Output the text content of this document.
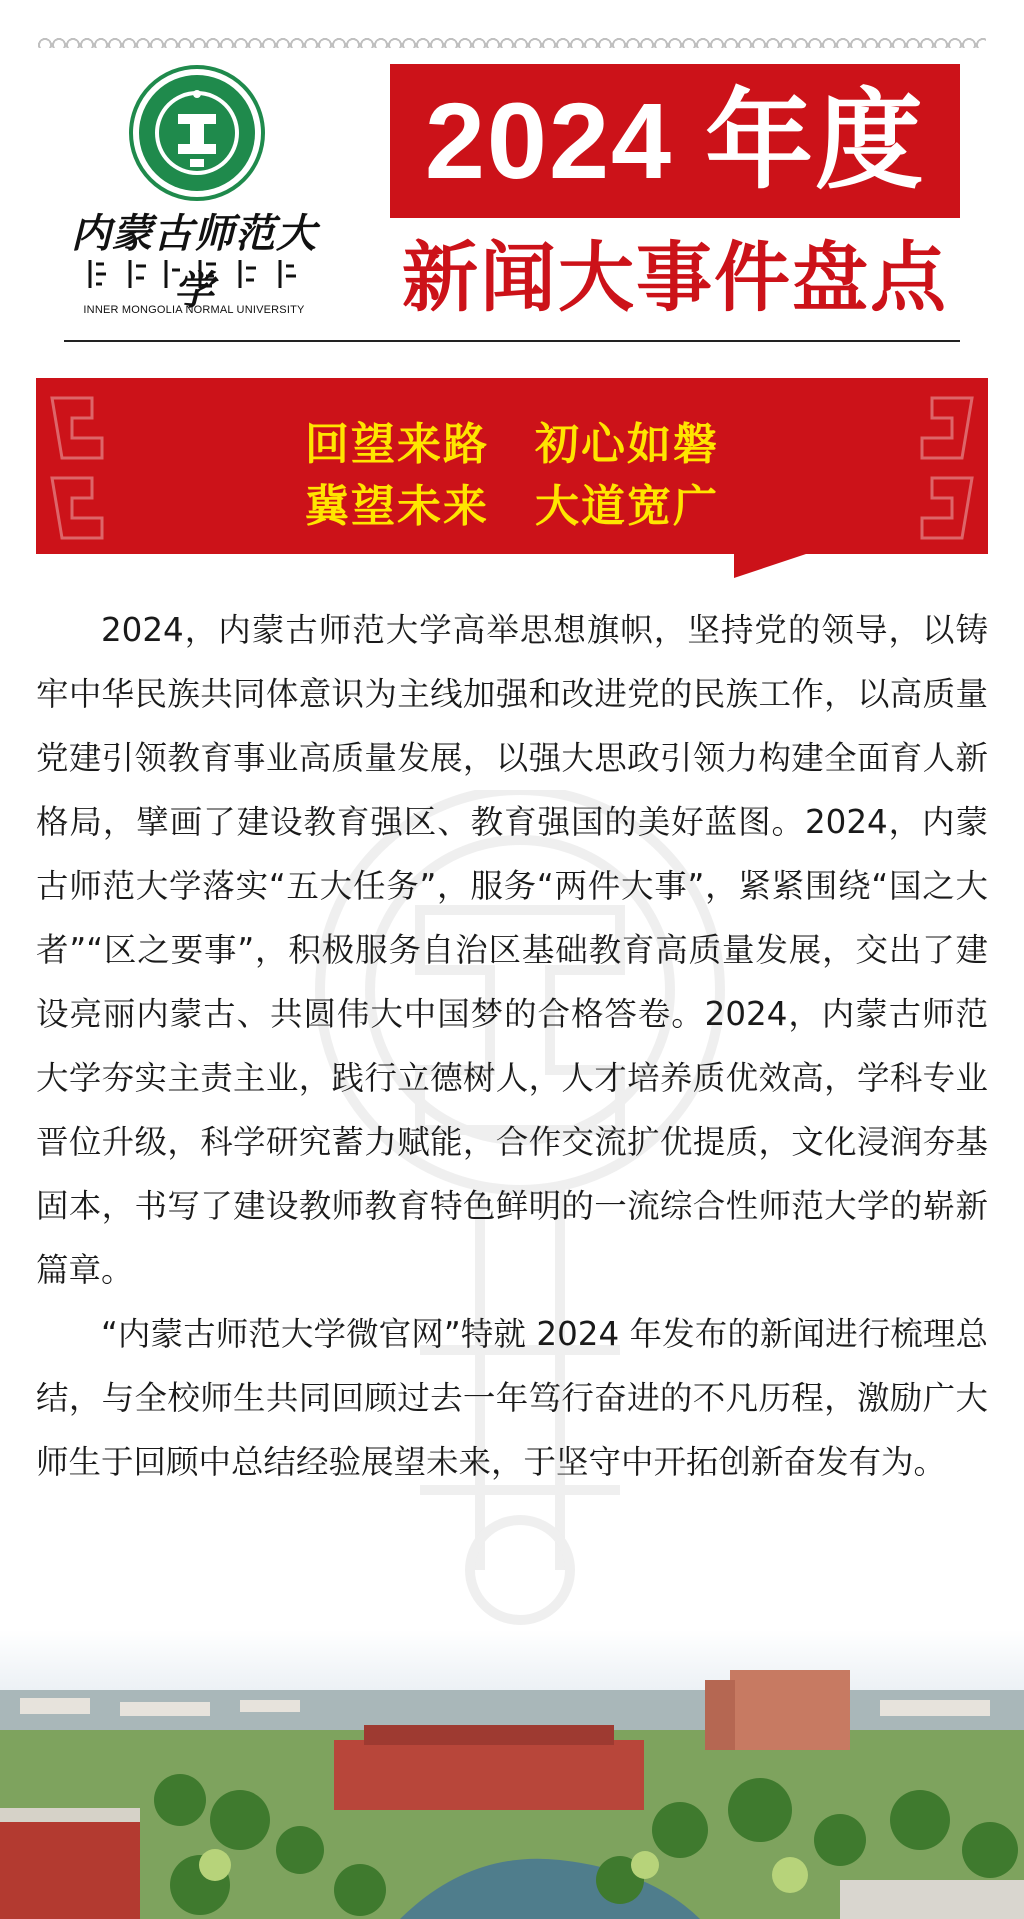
内蒙古师范大学
INNER MONGOLIA NORMAL UNIVERSITY
2024 年度
新闻大事件盘点
回望来路　初心如磐
冀望未来　大道宽广

2024，内蒙古师范大学高举思想旗帜，坚持党的领导，以铸牢中华民族共同体意识为主线加强和改进党的民族工作，以高质量党建引领教育事业高质量发展，以强大思政引领力构建全面育人新格局，擘画了建设教育强区、教育强国的美好蓝图。2024，内蒙古师范大学落实“五大任务”，服务“两件大事”，紧紧围绕“国之大者”“区之要事”，积极服务自治区基础教育高质量发展，交出了建设亮丽内蒙古、共圆伟大中国梦的合格答卷。2024，内蒙古师范大学夯实主责主业，践行立德树人，人才培养质优效高，学科专业晋位升级，科学研究蓄力赋能，合作交流扩优提质，文化浸润夯基固本，书写了建设教师教育特色鲜明的一流综合性师范大学的崭新篇章。

“内蒙古师范大学微官网”特就 2024 年发布的新闻进行梳理总结，与全校师生共同回顾过去一年笃行奋进的不凡历程，激励广大师生于回顾中总结经验展望未来，于坚守中开拓创新奋发有为。
